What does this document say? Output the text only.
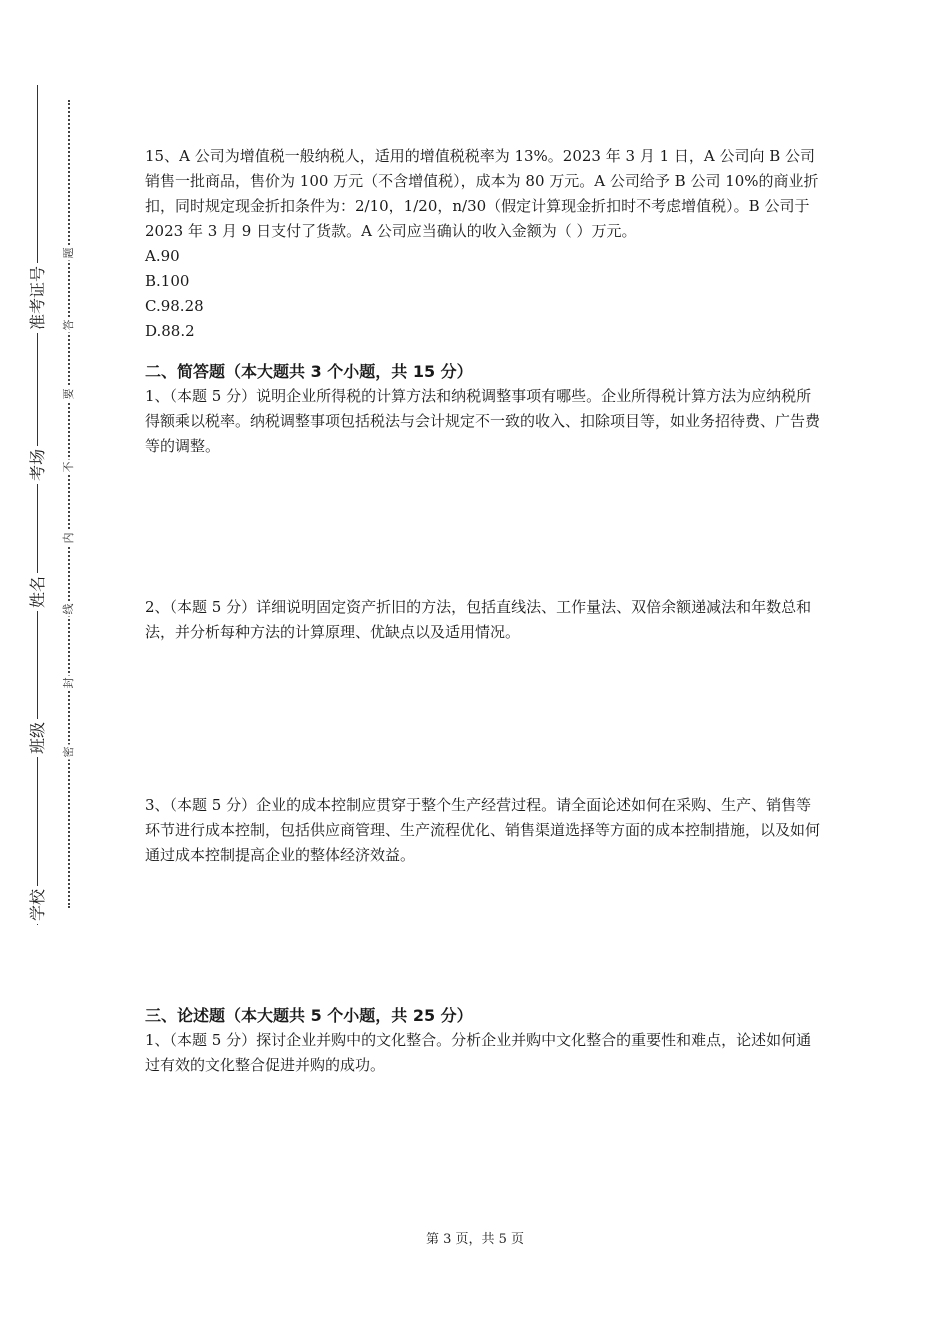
准考证号
考场
姓名
班级
学校
题
答
要
不
内
线
封
密

15、A 公司为增值税一般纳税人，适用的增值税税率为 13%。2023 年 3 月 1 日，A 公司向 B 公司销售一批商品，售价为 100 万元（不含增值税），成本为 80 万元。A 公司给予 B 公司 10%的商业折扣，同时规定现金折扣条件为：2/10，1/20，n/30（假定计算现金折扣时不考虑增值税）。B 公司于 2023 年 3 月 9 日支付了货款。A 公司应当确认的收入金额为（ ）万元。

A.90

B.100

C.98.28

D.88.2

二、简答题（本大题共 3 个小题，共 15 分）

1、（本题 5 分）说明企业所得税的计算方法和纳税调整事项有哪些。企业所得税计算方法为应纳税所得额乘以税率。纳税调整事项包括税法与会计规定不一致的收入、扣除项目等，如业务招待费、广告费等的调整。

2、（本题 5 分）详细说明固定资产折旧的方法，包括直线法、工作量法、双倍余额递减法和年数总和法，并分析每种方法的计算原理、优缺点以及适用情况。

3、（本题 5 分）企业的成本控制应贯穿于整个生产经营过程。请全面论述如何在采购、生产、销售等环节进行成本控制，包括供应商管理、生产流程优化、销售渠道选择等方面的成本控制措施，以及如何通过成本控制提高企业的整体经济效益。

三、论述题（本大题共 5 个小题，共 25 分）

1、（本题 5 分）探讨企业并购中的文化整合。分析企业并购中文化整合的重要性和难点，论述如何通过有效的文化整合促进并购的成功。

第 3 页，共 5 页
